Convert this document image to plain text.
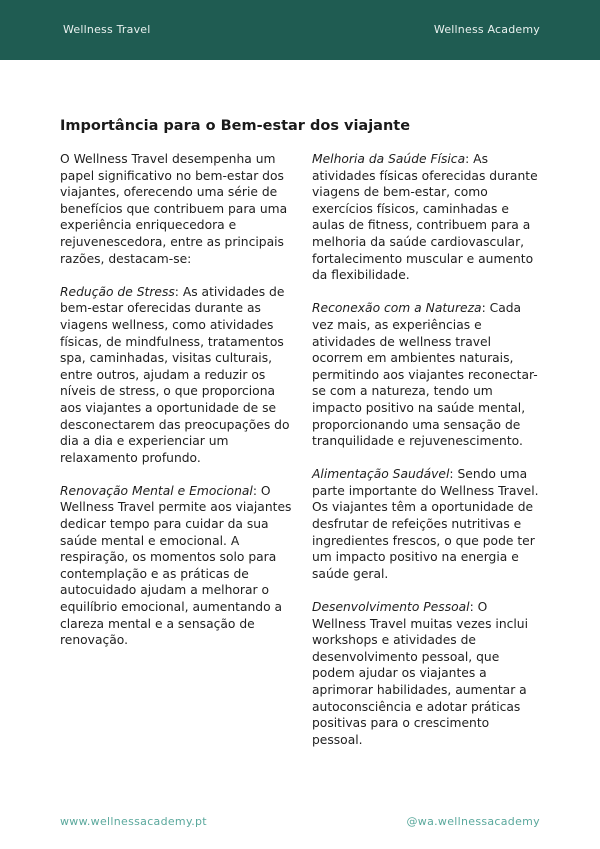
Wellness Travel	Wellness Academy
Importância para o Bem-estar dos viajante

O Wellness Travel desempenha um papel significativo no bem-estar dos viajantes, oferecendo uma série de benefícios que contribuem para uma experiência enriquecedora e rejuvenescedora, entre as principais razões, destacam-se:

Redução de Stress: As atividades de bem-estar oferecidas durante as viagens wellness, como atividades físicas, de mindfulness, tratamentos spa, caminhadas, visitas culturais, entre outros, ajudam a reduzir os níveis de stress, o que proporciona aos viajantes a oportunidade de se desconectarem das preocupações do dia a dia e experienciar um relaxamento profundo.

Renovação Mental e Emocional: O Wellness Travel permite aos viajantes dedicar tempo para cuidar da sua saúde mental e emocional. A respiração, os momentos solo para contemplação e as práticas de autocuidado ajudam a melhorar o equilíbrio emocional, aumentando a clareza mental e a sensação de renovação.

Melhoria da Saúde Física: As atividades físicas oferecidas durante viagens de bem-estar, como exercícios físicos, caminhadas e aulas de fitness, contribuem para a melhoria da saúde cardiovascular, fortalecimento muscular e aumento da flexibilidade.

Reconexão com a Natureza: Cada vez mais, as experiências e atividades de wellness travel ocorrem em ambientes naturais, permitindo aos viajantes reconectar-se com a natureza, tendo um impacto positivo na saúde mental, proporcionando uma sensação de tranquilidade e rejuvenescimento.

Alimentação Saudável: Sendo uma parte importante do Wellness Travel. Os viajantes têm a oportunidade de desfrutar de refeições nutritivas e ingredientes frescos, o que pode ter um impacto positivo na energia e saúde geral.

Desenvolvimento Pessoal: O Wellness Travel muitas vezes inclui workshops e atividades de desenvolvimento pessoal, que podem ajudar os viajantes a aprimorar habilidades, aumentar a autoconsciência e adotar práticas positivas para o crescimento pessoal.

www.wellnessacademy.pt	@wa.wellnessacademy
